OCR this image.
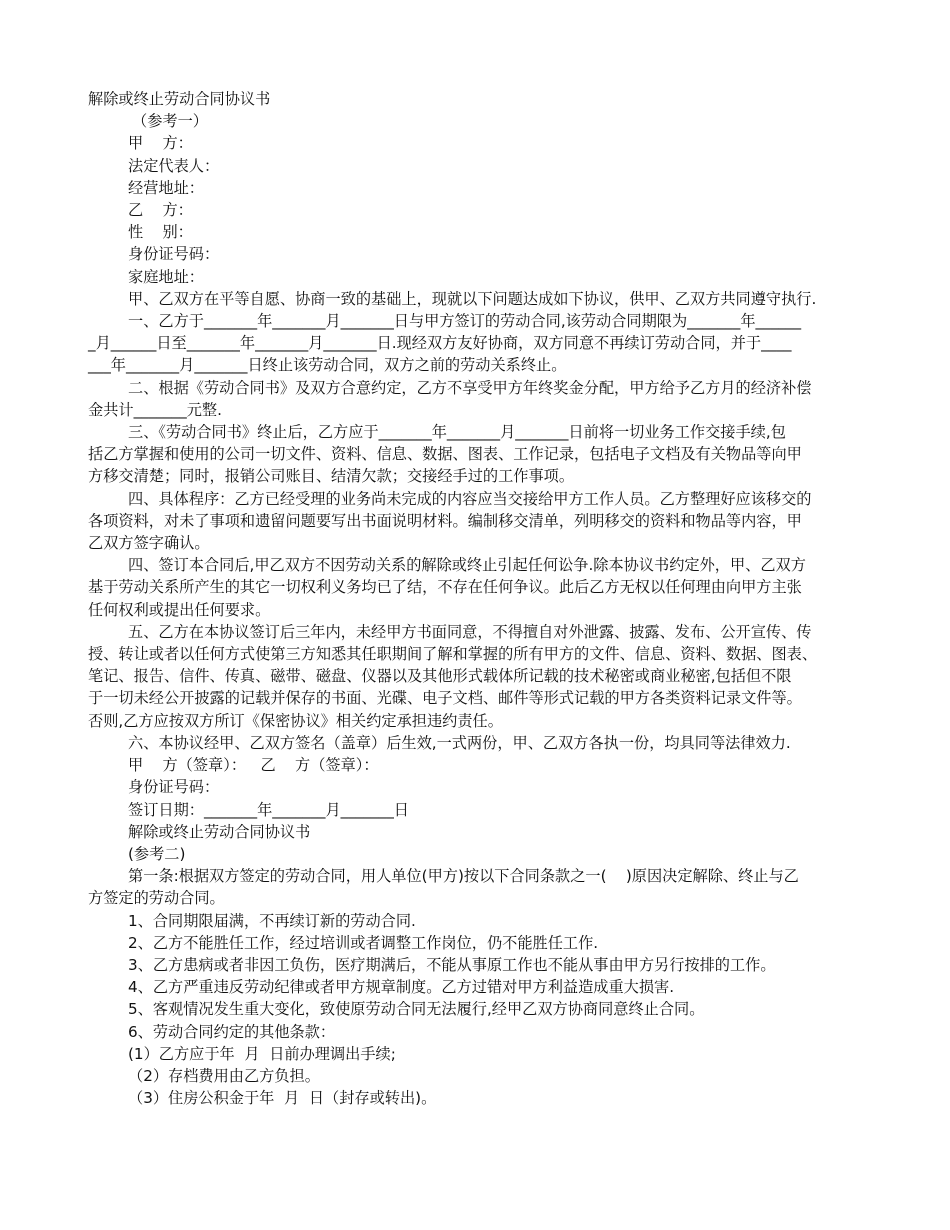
解除或终止劳动合同协议书
（参考一）
甲    方：
法定代表人：
经营地址：
乙    方：
性    别：
身份证号码：
家庭地址：
甲、乙双方在平等自愿、协商一致的基础上，现就以下问题达成如下协议，供甲、乙双方共同遵守执行.
一、乙方于_______年_______月_______日与甲方签订的劳动合同,该劳动合同期限为_______年______
_月______日至_______年_______月_______日.现经双方友好协商，双方同意不再续订劳动合同，并于____
___年_______月_______日终止该劳动合同，双方之前的劳动关系终止。
二、根据《劳动合同书》及双方合意约定，乙方不享受甲方年终奖金分配，甲方给予乙方月的经济补偿
金共计_______元整.
三、《劳动合同书》终止后，乙方应于_______年_______月_______日前将一切业务工作交接手续,包
括乙方掌握和使用的公司一切文件、资料、信息、数据、图表、工作记录，包括电子文档及有关物品等向甲
方移交清楚；同时，报销公司账目、结清欠款；交接经手过的工作事项。
四、具体程序：乙方已经受理的业务尚未完成的内容应当交接给甲方工作人员。乙方整理好应该移交的
各项资料，对未了事项和遗留问题要写出书面说明材料。编制移交清单，列明移交的资料和物品等内容，甲
乙双方签字确认。
四、签订本合同后,甲乙双方不因劳动关系的解除或终止引起任何讼争.除本协议书约定外，甲、乙双方
基于劳动关系所产生的其它一切权利义务均已了结，不存在任何争议。此后乙方无权以任何理由向甲方主张
任何权利或提出任何要求。
五、乙方在本协议签订后三年内，未经甲方书面同意，不得擅自对外泄露、披露、发布、公开宣传、传
授、转让或者以任何方式使第三方知悉其任职期间了解和掌握的所有甲方的文件、信息、资料、数据、图表、
笔记、报告、信件、传真、磁带、磁盘、仪器以及其他形式载体所记载的技术秘密或商业秘密,包括但不限
于一切未经公开披露的记载并保存的书面、光碟、电子文档、邮件等形式记载的甲方各类资料记录文件等。
否则,乙方应按双方所订《保密协议》相关约定承担违约责任。
六、本协议经甲、乙双方签名（盖章）后生效,一式两份，甲、乙双方各执一份，均具同等法律效力.
甲    方（签章）：   乙    方（签章）：
身份证号码：
签订日期：_______年_______月_______日
解除或终止劳动合同协议书
(参考二)
第一条:根据双方签定的劳动合同，用人单位(甲方)按以下合同条款之一(    )原因决定解除、终止与乙
方签定的劳动合同。
1、合同期限届满，不再续订新的劳动合同.
2、乙方不能胜任工作，经过培训或者调整工作岗位，仍不能胜任工作.
3、乙方患病或者非因工负伤，医疗期满后，不能从事原工作也不能从事由甲方另行按排的工作。
4、乙方严重违反劳动纪律或者甲方规章制度。乙方过错对甲方利益造成重大损害.
5、客观情况发生重大变化，致使原劳动合同无法履行,经甲乙双方协商同意终止合同。
6、劳动合同约定的其他条款：
(1）乙方应于年  月  日前办理调出手续;
（2）存档费用由乙方负担。
（3）住房公积金于年  月  日（封存或转出)。
